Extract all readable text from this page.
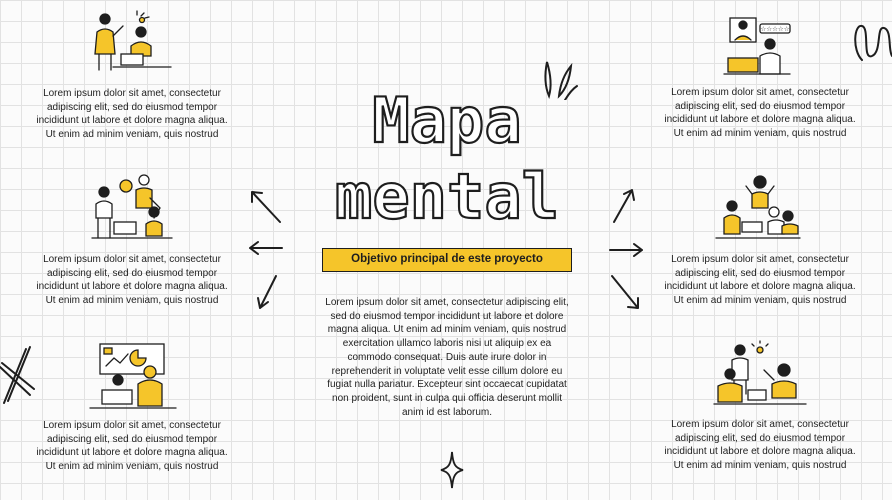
Lorem ipsum dolor sit amet, consectetur adipiscing elit, sed do eiusmod tempor incididunt ut labore et dolore magna aliqua. Ut enim ad minim veniam, quis nostrud
Lorem ipsum dolor sit amet, consectetur adipiscing elit, sed do eiusmod tempor incididunt ut labore et dolore magna aliqua. Ut enim ad minim veniam, quis nostrud
Lorem ipsum dolor sit amet, consectetur adipiscing elit, sed do eiusmod tempor incididunt ut labore et dolore magna aliqua. Ut enim ad minim veniam, quis nostrud
☆☆☆☆☆
Lorem ipsum dolor sit amet, consectetur adipiscing elit, sed do eiusmod tempor incididunt ut labore et dolore magna aliqua. Ut enim ad minim veniam, quis nostrud
Lorem ipsum dolor sit amet, consectetur adipiscing elit, sed do eiusmod tempor incididunt ut labore et dolore magna aliqua. Ut enim ad minim veniam, quis nostrud
Lorem ipsum dolor sit amet, consectetur adipiscing elit, sed do eiusmod tempor incididunt ut labore et dolore magna aliqua. Ut enim ad minim veniam, quis nostrud
Mapa
mental
Objetivo principal de este proyecto
Lorem ipsum dolor sit amet, consectetur adipiscing elit, sed do eiusmod tempor incididunt ut labore et dolore magna aliqua. Ut enim ad minim veniam, quis nostrud exercitation ullamco laboris nisi ut aliquip ex ea commodo consequat. Duis aute irure dolor in reprehenderit in voluptate velit esse cillum dolore eu fugiat nulla pariatur. Excepteur sint occaecat cupidatat non proident, sunt in culpa qui officia deserunt mollit anim id est laborum.
